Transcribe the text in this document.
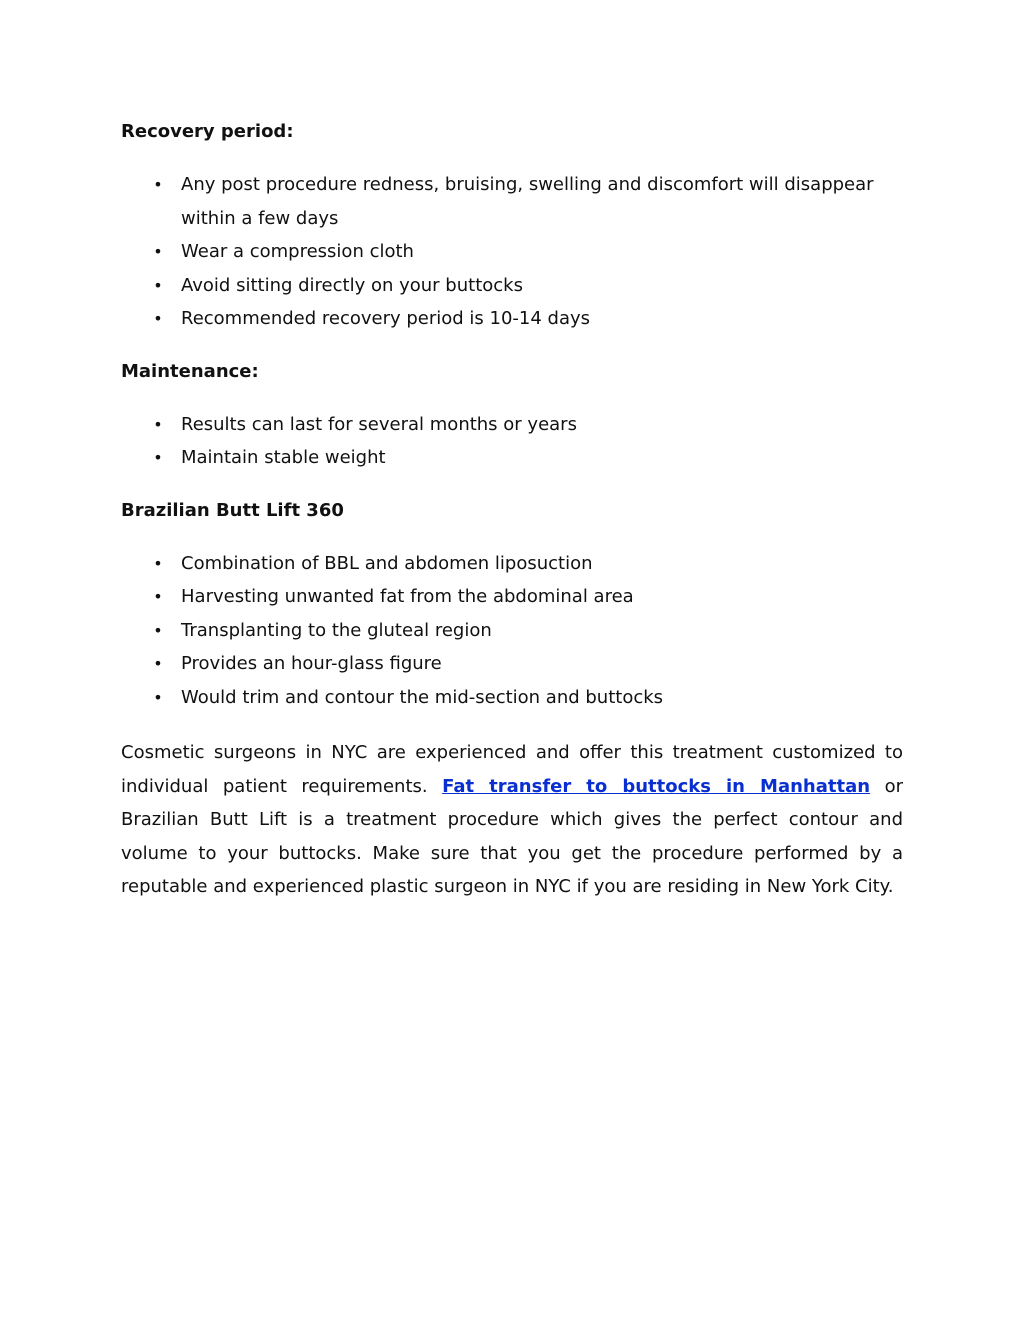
Recovery period:
• Any post procedure redness, bruising, swelling and discomfort will disappear within a few days
• Wear a compression cloth
• Avoid sitting directly on your buttocks
• Recommended recovery period is 10-14 days
Maintenance:
• Results can last for several months or years
• Maintain stable weight
Brazilian Butt Lift 360
• Combination of BBL and abdomen liposuction
• Harvesting unwanted fat from the abdominal area
• Transplanting to the gluteal region
• Provides an hour-glass figure
• Would trim and contour the mid-section and buttocks

Cosmetic surgeons in NYC are experienced and offer this treatment customized to individual patient requirements. Fat transfer to buttocks in Manhattan or Brazilian Butt Lift is a treatment procedure which gives the perfect contour and volume to your buttocks. Make sure that you get the procedure performed by a reputable and experienced plastic surgeon in NYC if you are residing in New York City.
